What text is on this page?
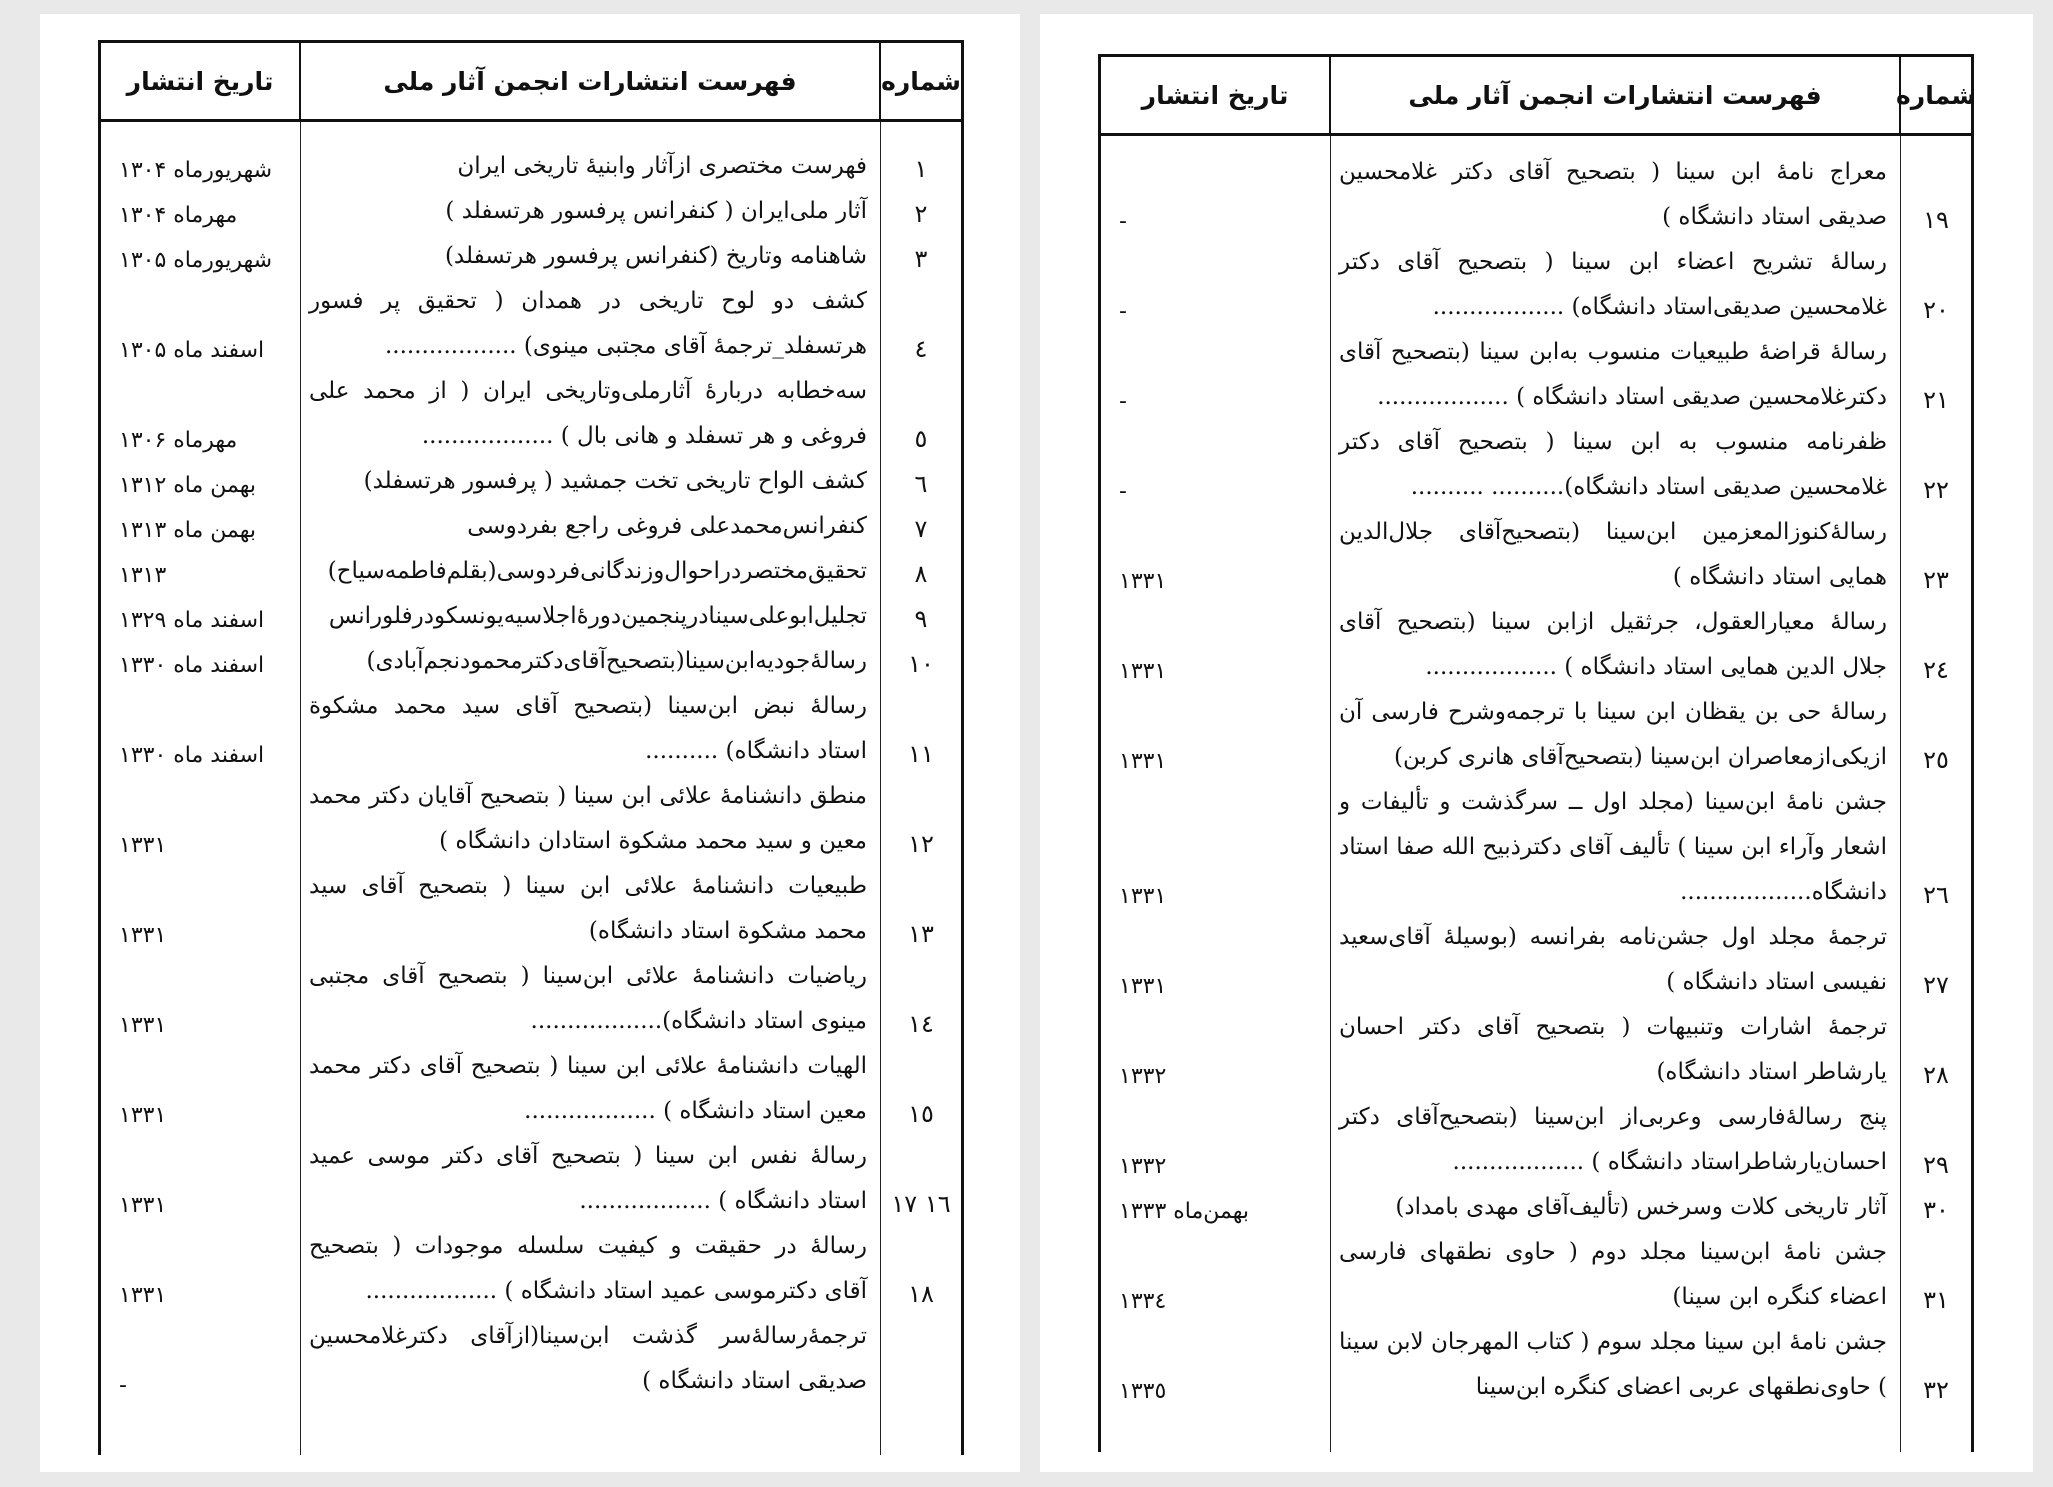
شماره
فهرست انتشارات انجمن آثار ملی
تاریخ انتشار
۱
فهرست مختصری ازآثار وابنیهٔ تاریخی ایران
شهریورماه ۱۳۰۴
۲
آثار ملی‌ایران ( کنفرانس پرفسور هرتسفلد )
مهرماه ۱۳۰۴
۳
شاهنامه وتاریخ (کنفرانس پرفسور هرتسفلد)
شهریورماه ۱۳۰۵
٤
کشف دو لوح تاریخی در همدان ( تحقیق پر فسور هرتسفلد_ترجمهٔ آقای مجتبی مینوی) ..................
اسفند ماه ۱۳۰۵
٥
سه‌خطابه دربارهٔ آثارملی‌وتاریخی ایران ( از محمد علی فروغی و هر تسفلد و هانی بال ) ..................
مهرماه ۱۳۰۶
٦
کشف الواح تاریخی تخت جمشید ( پرفسور هرتسفلد)
بهمن ماه ۱۳۱۲
۷
کنفرانس‌محمدعلی فروغی راجع بفردوسی
بهمن ماه ۱۳۱۳
۸
تحقیق‌مختصردراحوال‌وزندگانی‌فردوسی(بقلم‌فاطمه‌سیاح)
۱۳۱۳
۹
تجلیل‌ابوعلی‌سینادرپنجمین‌دورهٔ‌اجلاسیه‌یونسکودرفلورانس
اسفند ماه ۱۳۲۹
۱۰
رسالهٔ‌جودیه‌ابن‌سینا(بتصحیح‌آقای‌دکترمحمودنجم‌آبادی)
اسفند ماه ۱۳۳۰
۱۱
رسالهٔ نبض ابن‌سینا (بتصحیح آقای سید محمد مشکوة استاد دانشگاه) ..........
اسفند ماه ۱۳۳۰
۱۲
منطق دانشنامهٔ علائی ابن سینا ( بتصحیح آقایان دکتر محمد معین و سید محمد مشکوة استادان دانشگاه )
۱۳۳۱
۱۳
طبیعیات دانشنامهٔ علائی ابن سینا ( بتصحیح آقای سید محمد مشکوة استاد دانشگاه)
۱۳۳۱
۱٤
ریاضیات دانشنامهٔ علائی ابن‌سینا ( بتصحیح آقای مجتبی مینوی استاد دانشگاه)..................
۱۳۳۱
۱٥
الهیات دانشنامهٔ علائی ابن سینا ( بتصحیح آقای دکتر محمد معین استاد دانشگاه ) ..................
۱۳۳۱
۱٦ ۱۷
رسالهٔ نفس ابن سینا ( بتصحیح آقای دکتر موسی عمید استاد دانشگاه ) ..................
۱۳۳۱
۱۸
رسالهٔ در حقیقت و کیفیت سلسله موجودات ( بتصحیح آقای دکترموسی عمید استاد دانشگاه ) ..................
۱۳۳۱
ترجمهٔ‌رسالهٔ‌سر گذشت ابن‌سینا(ازآقای دکترغلامحسین صدیقی استاد دانشگاه )
-
شماره
فهرست انتشارات انجمن آثار ملی
تاریخ انتشار
۱۹
معراج نامهٔ ابن سینا ( بتصحیح آقای دکتر غلامحسین صدیقی استاد دانشگاه )
-
۲۰
رسالهٔ تشریح اعضاء ابن سینا ( بتصحیح آقای دکتر غلامحسین صدیقی‌استاد دانشگاه) ..................
-
۲۱
رسالهٔ قراضهٔ طبیعیات منسوب به‌ابن سینا (بتصحیح آقای دکترغلامحسین صدیقی استاد دانشگاه ) ..................
-
۲۲
ظفرنامه منسوب به ابن سینا ( بتصحیح آقای دکتر غلامحسین صدیقی استاد دانشگاه).......... ..........
-
۲۳
رسالهٔ‌کنوزالمعزمین ابن‌سینا (بتصحیح‌آقای جلال‌الدین همایی استاد دانشگاه )
۱۳۳۱
۲٤
رسالهٔ معیارالعقول، جرثقیل ازابن سینا (بتصحیح آقای جلال الدین همایی استاد دانشگاه ) ..................
۱۳۳۱
۲٥
رسالهٔ حی بن یقظان ابن سینا با ترجمه‌وشرح فارسی آن ازیکی‌ازمعاصران ابن‌سینا (بتصحیح‌آقای هانری کربن)
۱۳۳۱
۲٦
جشن نامهٔ ابن‌سینا (مجلد اول ــ سرگذشت و تألیفات و اشعار وآراء ابن سینا ) تألیف آقای دکترذبیح الله صفا استاد دانشگاه..................
۱۳۳۱
۲۷
ترجمهٔ مجلد اول جشن‌نامه بفرانسه (بوسیلهٔ آقای‌سعید نفیسی استاد دانشگاه )
۱۳۳۱
۲۸
ترجمهٔ اشارات وتنبیهات ( بتصحیح آقای دکتر احسان یارشاطر استاد دانشگاه)
۱۳۳۲
۲۹
پنج رسالهٔ‌فارسی وعربی‌از ابن‌سینا (بتصحیح‌آقای دکتر احسان‌یارشاطراستاد دانشگاه ) ..................
۱۳۳۲
۳۰
آثار تاریخی کلات وسرخس (تألیف‌آقای مهدی بامداد)
بهمن‌ماه ۱۳۳۳
۳۱
جشن نامهٔ ابن‌سینا مجلد دوم ( حاوی نطقهای فارسی اعضاء کنگره ابن سینا)
۱۳۳٤
۳۲
جشن نامهٔ ابن سینا مجلد سوم ( کتاب المهرجان لابن سینا ) حاوی‌نطقهای عربی اعضای کنگره ابن‌سینا
۱۳۳٥
